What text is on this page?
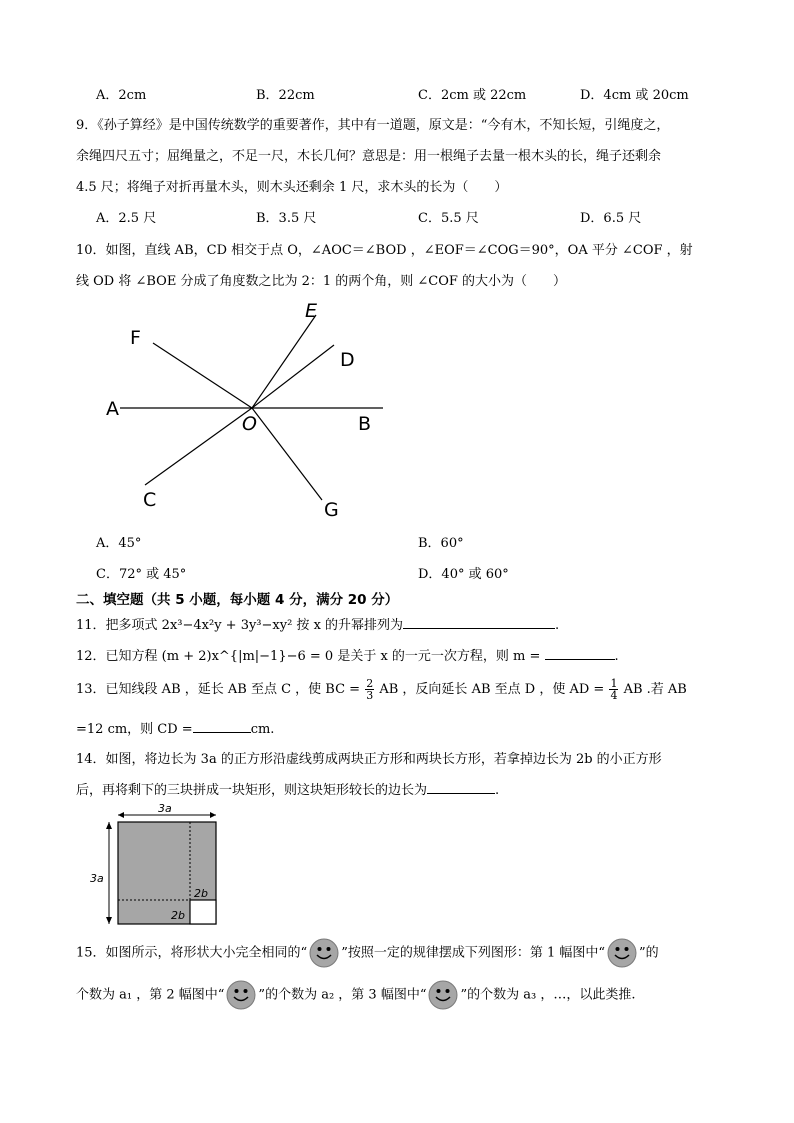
A．2cm	B．22cm	C．2cm 或 22cm	D．4cm 或 20cm
9．《孙子算经》是中国传统数学的重要著作，其中有一道题，原文是：“今有木，不知长短，引绳度之，
余绳四尺五寸；屈绳量之，不足一尺，木长几何？意思是：用一根绳子去量一根木头的长，绳子还剩余
4.5 尺；将绳子对折再量木头，则木头还剩余 1 尺，求木头的长为（　　）
A．2.5 尺	B．3.5 尺	C．5.5 尺	D．6.5 尺
10．如图，直线 AB，CD 相交于点 O，∠AOC＝∠BOD ，∠EOF＝∠COG＝90°，OA 平分 ∠COF ，射
线 OD 将 ∠BOE 分成了角度数之比为 2：1 的两个角，则 ∠COF 的大小为（　　）
E
F
D
A
O	B
C	G
A．45°	B．60°
C．72° 或 45°	D．40° 或 60°
二、填空题（共 5 小题，每小题 4 分，满分 20 分）
11．把多项式 2x³−4x²y + 3y³−xy² 按 x 的升幂排列为	.
12．已知方程 (m + 2)x^{|m|−1}−6 = 0 是关于 x 的一元一次方程，则 m =	.
13．已知线段 AB ，延长 AB 至点 C ，使 BC = $\frac{2}{3}$ AB ，反向延长 AB 至点 D ，使 AD = $\frac{1}{4}$ AB .若 AB
=12 cm，则 CD =	cm.
14．如图，将边长为 3a 的正方形沿虚线剪成两块正方形和两块长方形，若拿掉边长为 2b 的小正方形
后，再将剩下的三块拼成一块矩形，则这块矩形较长的边长为	.
3a
3a
2b
2b
15．如图所示，将形状大小完全相同的“	”按照一定的规律摆成下列图形：第 1 幅图中“	”的
个数为 a₁ ，第 2 幅图中“	”的个数为 a₂ ，第 3 幅图中“	”的个数为 a₃ ，…，以此类推.
